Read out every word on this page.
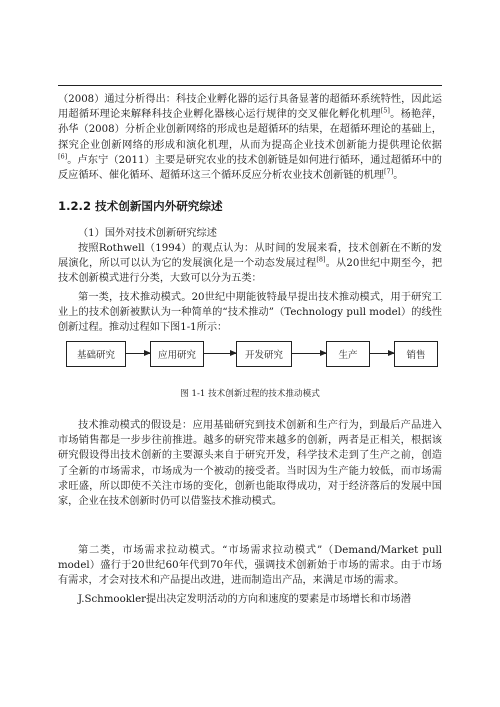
（2008）通过分析得出：科技企业孵化器的运行具备显著的超循环系统特性，因此运用超循环理论来解释科技企业孵化器核心运行规律的交叉催化孵化机理[5]。杨艳萍，孙华（2008）分析企业创新网络的形成也是超循环的结果，在超循环理论的基础上，探究企业创新网络的形成和演化机理，从而为提高企业技术创新能力提供理论依据[6]。卢东宁（2011）主要是研究农业的技术创新链是如何进行循环，通过超循环中的反应循环、催化循环、超循环这三个循环反应分析农业技术创新链的机理[7]。

1.2.2 技术创新国内外研究综述

（1）国外对技术创新研究综述

按照Rothwell（1994）的观点认为：从时间的发展来看，技术创新在不断的发展演化，所以可以认为它的发展演化是一个动态发展过程[8]。从20世纪中期至今，把技术创新模式进行分类，大致可以分为五类：

第一类，技术推动模式。20世纪中期能彼特最早提出技术推动模式，用于研究工业上的技术创新被默认为一种简单的“技术推动”（Technology pull model）的线性创新过程。推动过程如下图1-1所示：

基础研究	应用研究	开发研究	生产	销售

图 1-1 技术创新过程的技术推动模式

技术推动模式的假设是：应用基础研究到技术创新和生产行为，到最后产品进入市场销售都是一步步往前推进。越多的研究带来越多的创新，两者是正相关，根据该研究假设得出技术创新的主要源头来自于研究开发，科学技术走到了生产之前，创造了全新的市场需求，市场成为一个被动的接受者。当时因为生产能力较低，而市场需求旺盛，所以即使不关注市场的变化，创新也能取得成功，对于经济落后的发展中国家，企业在技术创新时仍可以借鉴技术推动模式。

第二类，市场需求拉动模式。“市场需求拉动模式”（Demand/Market pull model）盛行于20世纪60年代到70年代，强调技术创新始于市场的需求。由于市场有需求，才会对技术和产品提出改进，进而制造出产品，来满足市场的需求。

J.Schmookler提出决定发明活动的方向和速度的要素是市场增长和市场潜
